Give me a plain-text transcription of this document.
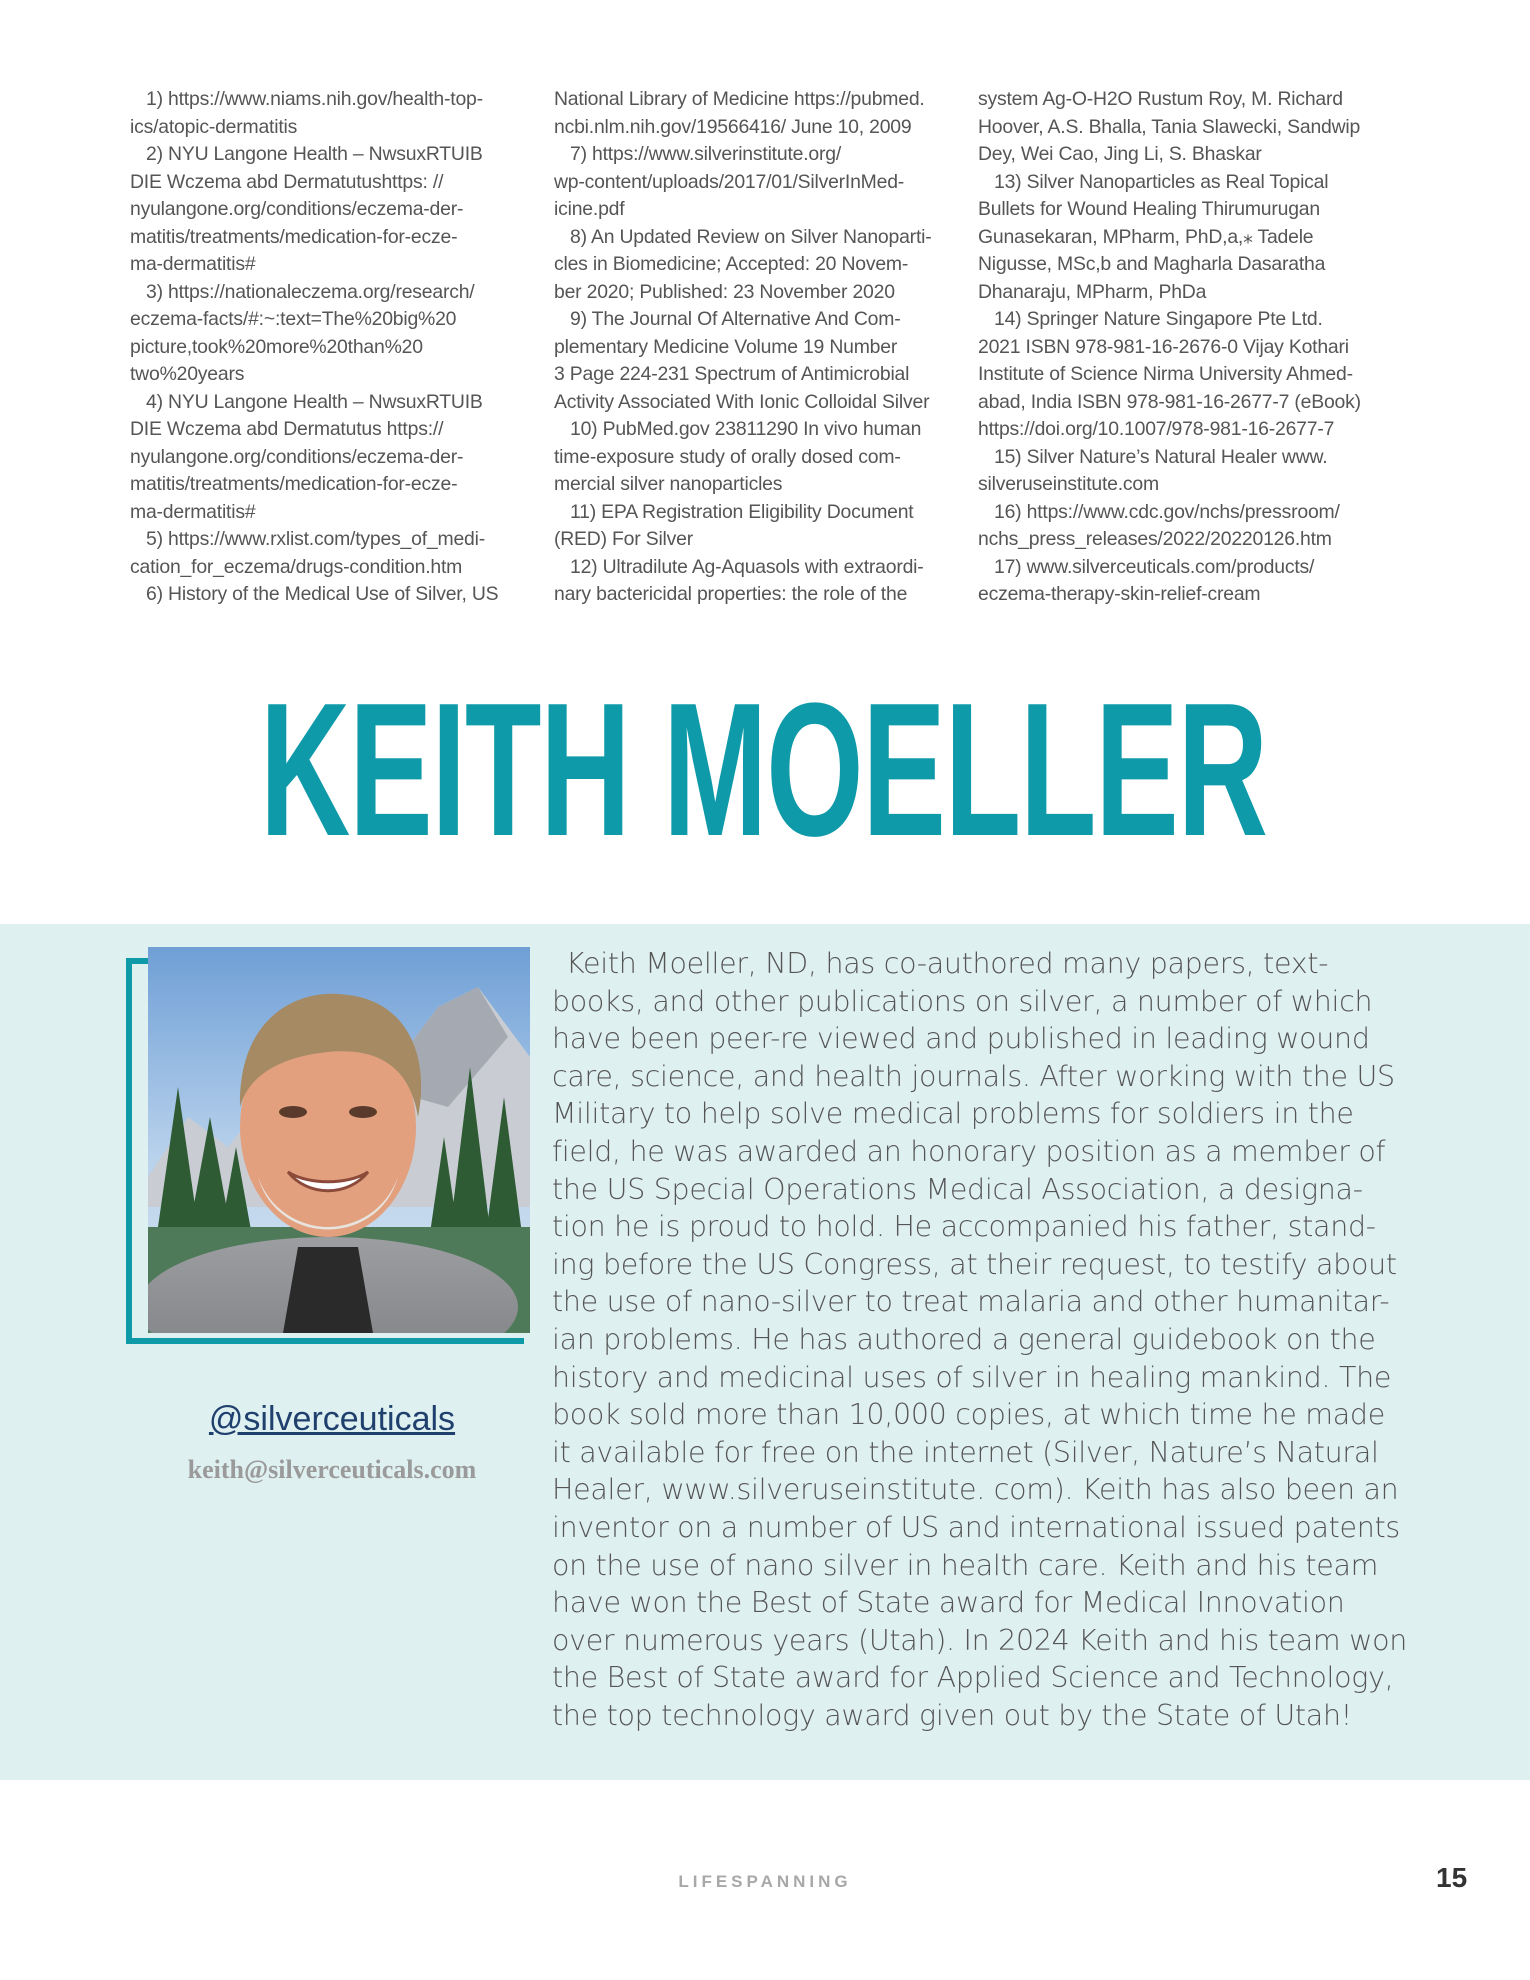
1) https://www.niams.nih.gov/health-top-
ics/atopic-dermatitis
2) NYU Langone Health – NwsuxRTUIB
DIE Wczema abd Dermatutushttps: //
nyulangone.org/conditions/eczema-der-
matitis/treatments/medication-for-ecze-
ma-dermatitis#
3) https://nationaleczema.org/research/
eczema-facts/#:~:text=The%20big%20
picture,took%20more%20than%20
two%20years
4) NYU Langone Health – NwsuxRTUIB
DIE Wczema abd Dermatutus https://
nyulangone.org/conditions/eczema-der-
matitis/treatments/medication-for-ecze-
ma-dermatitis#
5) https://www.rxlist.com/types_of_medi-
cation_for_eczema/drugs-condition.htm
6) History of the Medical Use of Silver, US
National Library of Medicine https://pubmed.
ncbi.nlm.nih.gov/19566416/ June 10, 2009
7) https://www.silverinstitute.org/
wp-content/uploads/2017/01/SilverInMed-
icine.pdf
8) An Updated Review on Silver Nanoparti-
cles in Biomedicine; Accepted: 20 Novem-
ber 2020; Published: 23 November 2020
9) The Journal Of Alternative And Com-
plementary Medicine Volume 19 Number
3 Page 224-231 Spectrum of Antimicrobial
Activity Associated With Ionic Colloidal Silver
10) PubMed.gov 23811290 In vivo human
time-exposure study of orally dosed com-
mercial silver nanoparticles
11) EPA Registration Eligibility Document
(RED) For Silver
12) Ultradilute Ag-Aquasols with extraordi-
nary bactericidal properties: the role of the
system Ag-O-H2O Rustum Roy, M. Richard
Hoover, A.S. Bhalla, Tania Slawecki, Sandwip
Dey, Wei Cao, Jing Li, S. Bhaskar
13) Silver Nanoparticles as Real Topical
Bullets for Wound Healing Thirumurugan
Gunasekaran, MPharm, PhD,a,⁎ Tadele
Nigusse, MSc,b and Magharla Dasaratha
Dhanaraju, MPharm, PhDa
14) Springer Nature Singapore Pte Ltd.
2021 ISBN 978-981-16-2676-0 Vijay Kothari
Institute of Science Nirma University Ahmed-
abad, India ISBN 978-981-16-2677-7 (eBook)
https://doi.org/10.1007/978-981-16-2677-7
15) Silver Nature’s Natural Healer www.
silveruseinstitute.com
16) https://www.cdc.gov/nchs/pressroom/
nchs_press_releases/2022/20220126.htm
17) www.silverceuticals.com/products/
eczema-therapy-skin-relief-cream
KEITH MOELLER
@silverceuticals
keith@silverceuticals.com
Keith Moeller, ND, has co-authored many papers, text-
books, and other publications on silver, a number of which
have been peer-re viewed and published in leading wound
care, science, and health journals. After working with the US
Military to help solve medical problems for soldiers in the
field, he was awarded an honorary position as a member of
the US Special Operations Medical Association, a designa-
tion he is proud to hold. He accompanied his father, stand-
ing before the US Congress, at their request, to testify about
the use of nano-silver to treat malaria and other humanitar-
ian problems. He has authored a general guidebook on the
history and medicinal uses of silver in healing mankind. The
book sold more than 10,000 copies, at which time he made
it available for free on the internet (Silver, Nature’s Natural
Healer, www.silveruseinstitute. com). Keith has also been an
inventor on a number of US and international issued patents
on the use of nano silver in health care. Keith and his team
have won the Best of State award for Medical Innovation
over numerous years (Utah). In 2024 Keith and his team won
the Best of State award for Applied Science and Technology,
the top technology award given out by the State of Utah!
LIFESPANNING	15
